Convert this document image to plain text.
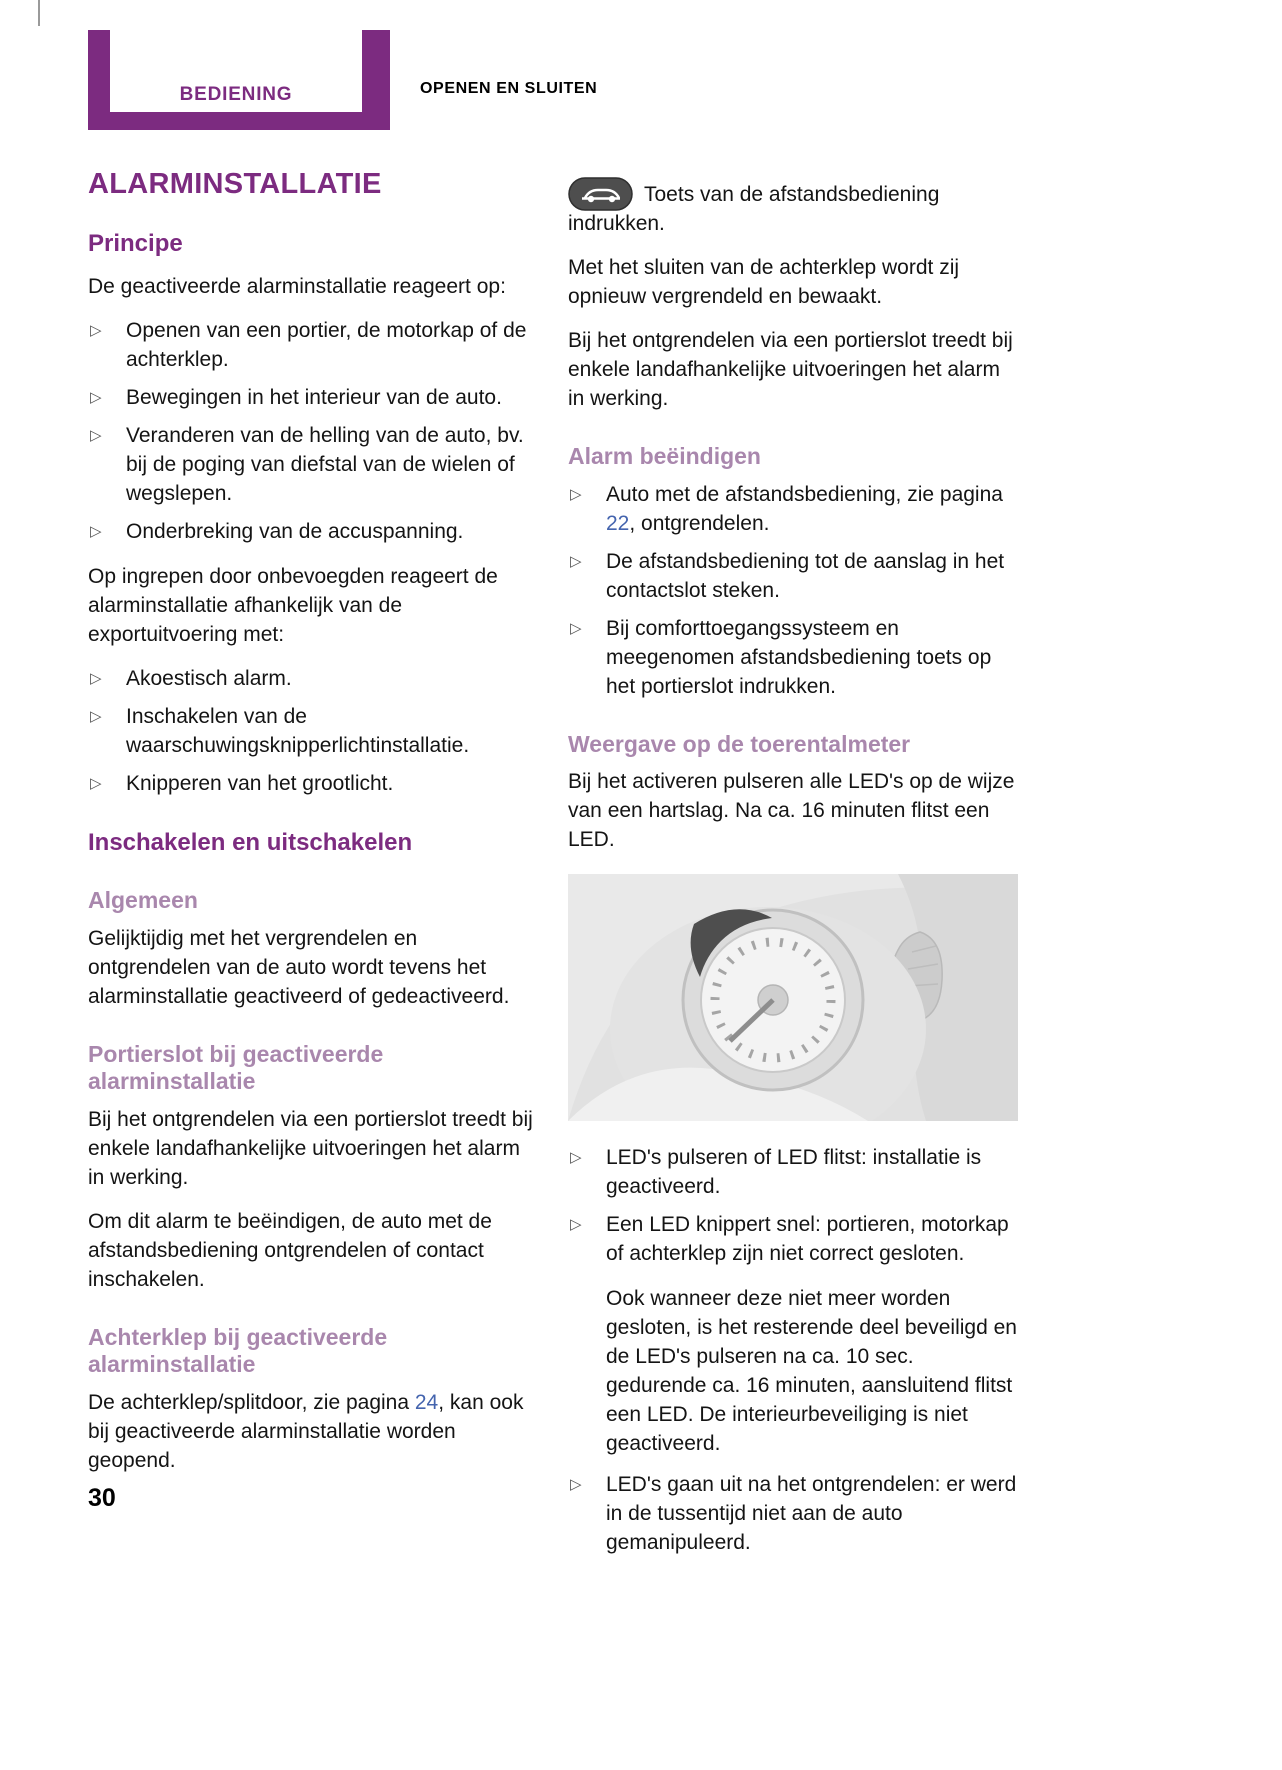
BEDIENING	OPENEN EN SLUITEN
ALARMINSTALLATIE
Principe

De geactiveerde alarminstallatie reageert op:

▷	Openen van een portier, de motorkap of de achterklep.
▷	Bewegingen in het interieur van de auto.
▷	Veranderen van de helling van de auto, bv. bij de poging van diefstal van de wielen of wegslepen.
▷	Onderbreking van de accuspanning.

Op ingrepen door onbevoegden reageert de alarminstallatie afhankelijk van de exportuitvoering met:

▷	Akoestisch alarm.
▷	Inschakelen van de waarschuwingsknipperlichtinstallatie.
▷	Knipperen van het grootlicht.
Inschakelen en uitschakelen
Algemeen

Gelijktijdig met het vergrendelen en ontgrendelen van de auto wordt tevens het alarminstallatie geactiveerd of gedeactiveerd.

Portierslot bij geactiveerde alarminstallatie

Bij het ontgrendelen via een portierslot treedt bij enkele landafhankelijke uitvoeringen het alarm in werking.

Om dit alarm te beëindigen, de auto met de afstandsbediening ontgrendelen of contact inschakelen.

Achterklep bij geactiveerde alarminstallatie

De achterklep/splitdoor, zie pagina 24, kan ook bij geactiveerde alarminstallatie worden geopend.

Toets van de afstandsbediening indrukken.

Met het sluiten van de achterklep wordt zij opnieuw vergrendeld en bewaakt.

Bij het ontgrendelen via een portierslot treedt bij enkele landafhankelijke uitvoeringen het alarm in werking.

Alarm beëindigen
▷	Auto met de afstandsbediening, zie pagina 22, ontgrendelen.
▷	De afstandsbediening tot de aanslag in het contactslot steken.
▷	Bij comforttoegangssysteem en meegenomen afstandsbediening toets op het portierslot indrukken.
Weergave op de toerentalmeter

Bij het activeren pulseren alle LED's op de wijze van een hartslag. Na ca. 16 minuten flitst een LED.

▷	LED's pulseren of LED flitst: installatie is geactiveerd.
▷	Een LED knippert snel: portieren, motorkap of achterklep zijn niet correct gesloten.

Ook wanneer deze niet meer worden gesloten, is het resterende deel beveiligd en de LED's pulseren na ca. 10 sec. gedurende ca. 16 minuten, aansluitend flitst een LED. De interieurbeveiliging is niet geactiveerd.

▷	LED's gaan uit na het ontgrendelen: er werd in de tussentijd niet aan de auto gemanipuleerd.
30
